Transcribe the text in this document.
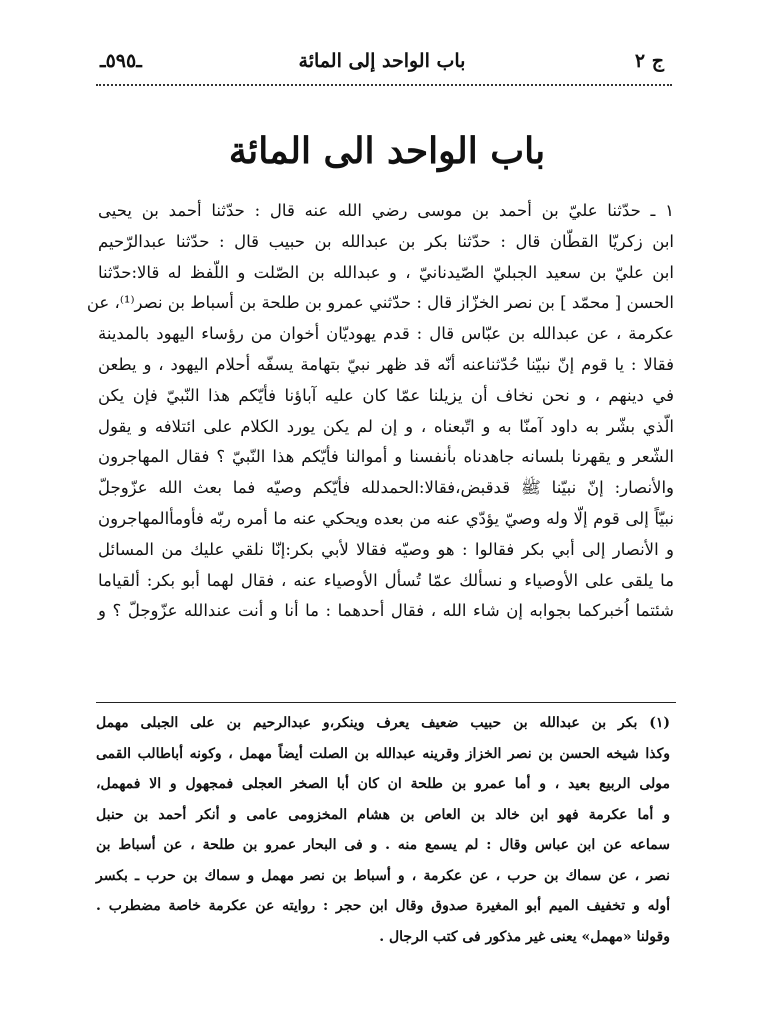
ج ٢
باب الواحد إلى المائة
ـ٥٩٥ـ
باب الواحد الى المائة
١ ـ حدّثنا عليّ بن أحمد بن موسى رضي الله عنه قال : حدّثنا أحمد بن يحيى
ابن زكريّا القطّان قال : حدّثنا بكر بن عبدالله بن حبيب قال : حدّثنا عبدالرّحيم
ابن عليّ بن سعيد الجبليّ الصّيدنانيّ ، و عبدالله بن الصّلت و اللّفظ له قالا:حدّثنا
الحسن [ محمّد ] بن نصر الخزّاز قال : حدّثني عمرو بن طلحة بن أسباط بن نصر⁽¹⁾، عن
عكرمة ، عن عبدالله بن عبّاس قال : قدم يهوديّان أخوان من رؤساء اليهود بالمدينة
فقالا : يا قوم إنّ نبيّنا حُدّثناعنه أنّه قد ظهر نبيّ بتهامة يسفّه أحلام اليهود ، و يطعن
في دينهم ، و نحن نخاف أن يزيلنا عمّا كان عليه آباؤنا فأيّكم هذا النّبيّ فإن يكن
الّذي بشّر به داود آمنّا به و اتّبعناه ، و إن لم يكن يورد الكلام على ائتلافه و يقول
الشّعر و يقهرنا بلسانه جاهدناه بأنفسنا و أموالنا فأيّكم هذا النّبيّ ؟ فقال المهاجرون
والأنصار: إنّ نبيّنا ﷺ قدقبض،فقالا:الحمدلله فأيّكم وصيّه فما بعث الله عزّوجلّ
نبيّاً إلى قوم إلّا وله وصيّ يؤدّي عنه من بعده ويحكي عنه ما أمره ربّه فأومأالمهاجرون
و الأنصار إلى أبي بكر فقالوا : هو وصيّه فقالا لأبي بكر:إنّا نلقي عليك من المسائل
ما يلقى على الأوصياء و نسألك عمّا تُسأل الأوصياء عنه ، فقال لهما أبو بكر: ألقياما
شئتما اُخبركما بجوابه إن شاء الله ، فقال أحدهما : ما أنا و أنت عندالله عزّوجلّ ؟ و
(١) بكر بن عبدالله بن حبيب ضعيف يعرف وينكر،و عبدالرحيم بن على الجبلى مهمل
وكذا شيخه الحسن بن نصر الخزاز وقرينه عبدالله بن الصلت أيضاً مهمل ، وكونه أباطالب القمى
مولى الربيع بعيد ، و أما عمرو بن طلحة ان كان أبا الصخر العجلى فمجهول و الا فمهمل،
و أما عكرمة فهو ابن خالد بن العاص بن هشام المخزومى عامى و أنكر أحمد بن حنبل
سماعه عن ابن عباس وقال : لم يسمع منه . و فى البحار عمرو بن طلحة ، عن أسباط بن
نصر ، عن سماك بن حرب ، عن عكرمة ، و أسباط بن نصر مهمل و سماك بن حرب ـ بكسر
أوله و تخفيف الميم أبو المغيرة صدوق وقال ابن حجر : روايته عن عكرمة خاصة مضطرب .
وقولنا «مهمل» يعنى غير مذكور فى كتب الرجال .
